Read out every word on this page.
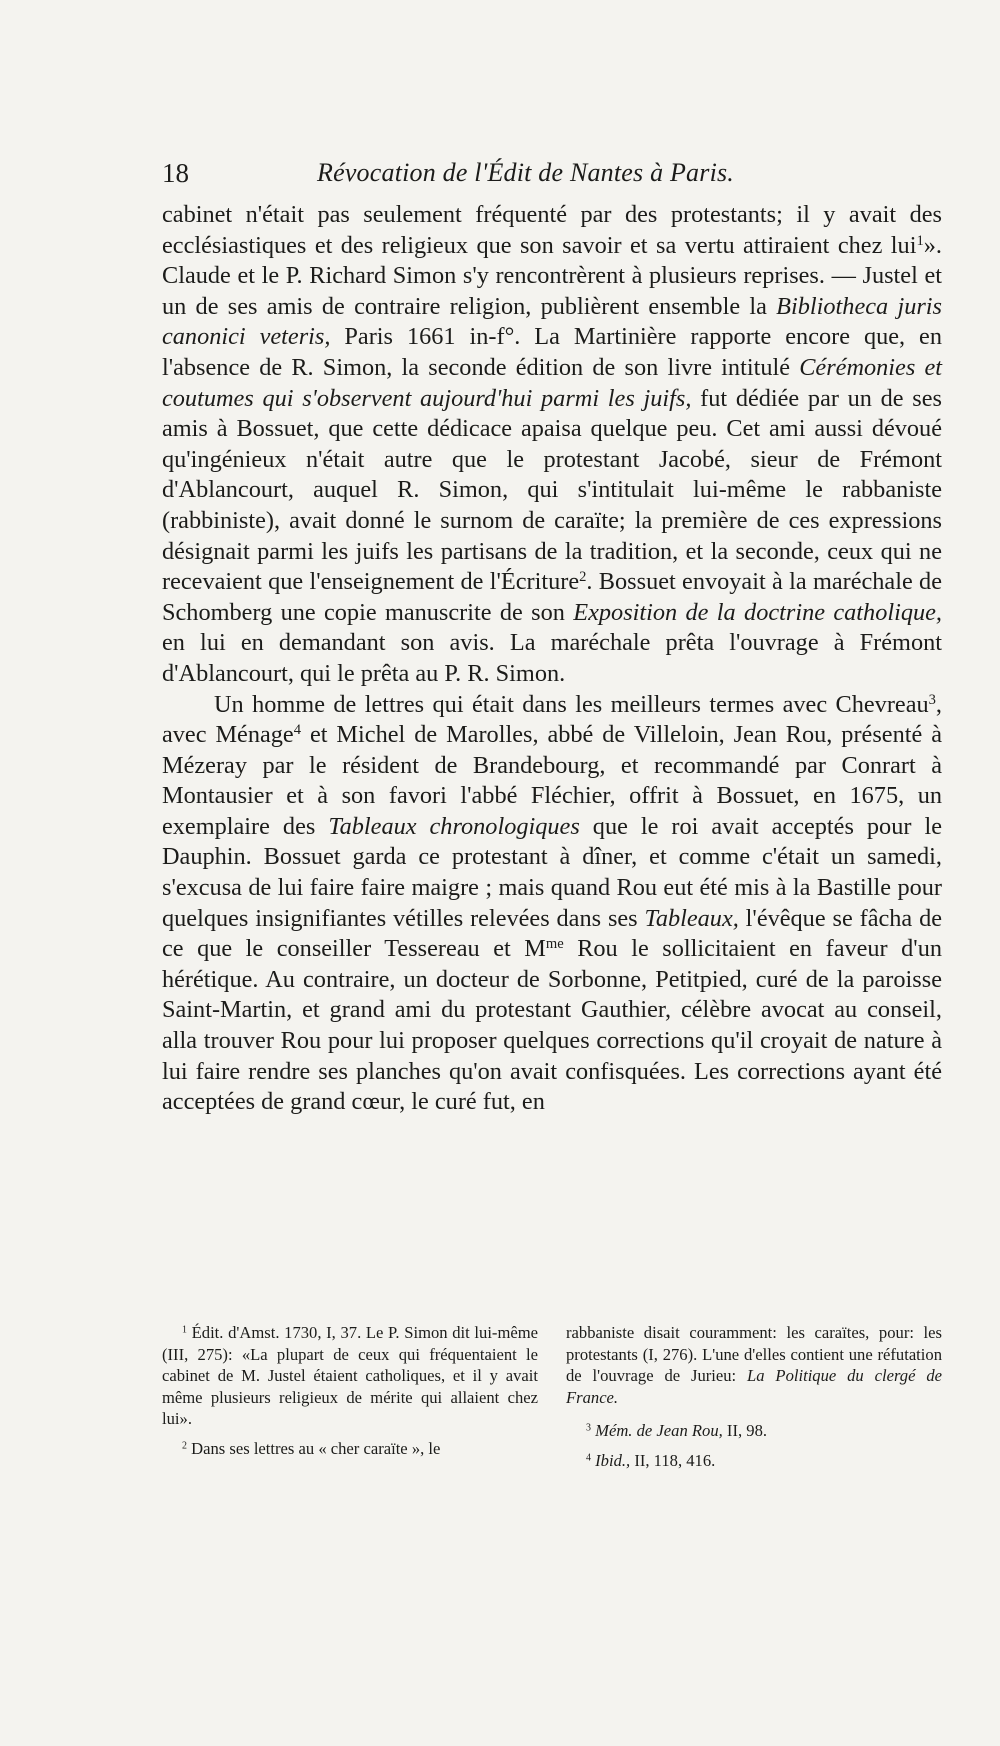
18	Révocation de l'Édit de Nantes à Paris.

cabinet n'était pas seulement fréquenté par des protestants; il y avait des ecclésiastiques et des religieux que son savoir et sa vertu attiraient chez lui$^1$». Claude et le P. Richard Simon s'y rencontrèrent à plusieurs reprises. — Justel et un de ses amis de contraire religion, publièrent ensemble la Bibliotheca juris canonici veteris, Paris 1661 in-f°. La Martinière rapporte encore que, en l'absence de R. Simon, la seconde édition de son livre intitulé Cérémonies et coutumes qui s'observent aujourd'hui parmi les juifs, fut dédiée par un de ses amis à Bossuet, que cette dédicace apaisa quelque peu. Cet ami aussi dévoué qu'ingénieux n'était autre que le protestant Jacobé, sieur de Frémont d'Ablancourt, auquel R. Simon, qui s'intitulait lui-même le rabbaniste (rabbiniste), avait donné le surnom de caraïte; la première de ces expressions désignait parmi les juifs les partisans de la tradition, et la seconde, ceux qui ne recevaient que l'enseignement de l'Écriture$^2$. Bossuet envoyait à la maréchale de Schomberg une copie manuscrite de son Exposition de la doctrine catholique, en lui en demandant son avis. La maréchale prêta l'ouvrage à Frémont d'Ablancourt, qui le prêta au P. R. Simon.

Un homme de lettres qui était dans les meilleurs termes avec Chevreau$^3$, avec Ménage$^4$ et Michel de Marolles, abbé de Villeloin, Jean Rou, présenté à Mézeray par le résident de Brandebourg, et recommandé par Conrart à Montausier et à son favori l'abbé Fléchier, offrit à Bossuet, en 1675, un exemplaire des Tableaux chronologiques que le roi avait acceptés pour le Dauphin. Bossuet garda ce protestant à dîner, et comme c'était un samedi, s'excusa de lui faire faire maigre ; mais quand Rou eut été mis à la Bastille pour quelques insignifiantes vétilles relevées dans ses Tableaux, l'évêque se fâcha de ce que le conseiller Tessereau et $M^{me}$ Rou le sollicitaient en faveur d'un hérétique. Au contraire, un docteur de Sorbonne, Petitpied, curé de la paroisse Saint-Martin, et grand ami du protestant Gauthier, célèbre avocat au conseil, alla trouver Rou pour lui proposer quelques corrections qu'il croyait de nature à lui faire rendre ses planches qu'on avait confisquées. Les corrections ayant été acceptées de grand cœur, le curé fut, en

$^1$ Édit. d'Amst. 1730, I, 37. Le P. Simon dit lui-même (III, 275): «La plupart de ceux qui fréquentaient le cabinet de M. Justel étaient catholiques, et il y avait même plusieurs religieux de mérite qui allaient chez lui».

$^2$ Dans ses lettres au « cher caraïte », le

rabbaniste disait couramment: les caraïtes, pour: les protestants (I, 276). L'une d'elles contient une réfutation de l'ouvrage de Jurieu: La Politique du clergé de France.

$^3$ Mém. de Jean Rou, II, 98.

$^4$ Ibid., II, 118, 416.
